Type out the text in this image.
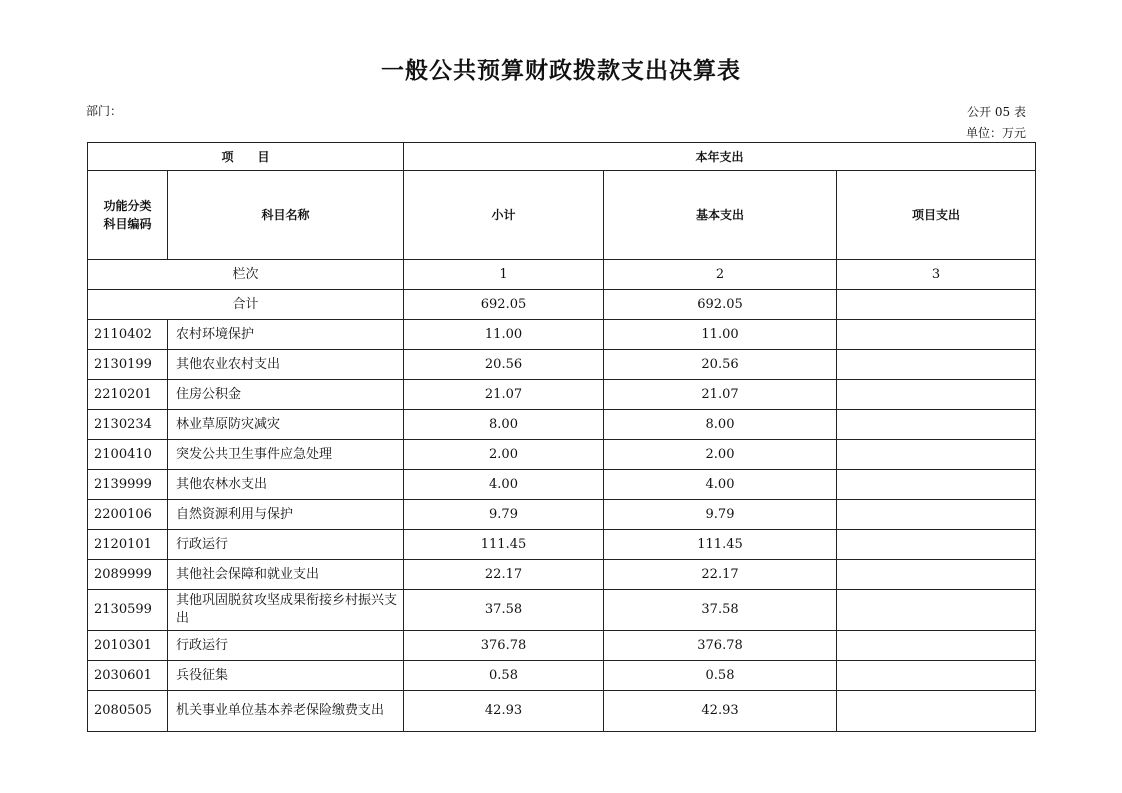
一般公共预算财政拨款支出决算表
部门：	公开 05 表
单位：万元
项　　目		本年支出		

功能分类
科目编码	科目名称	小计	基本支出	项目支出
栏次		1	2	3
合计		692.05	692.05	
2110402	农村环境保护	11.00	11.00	
2130199	其他农业农村支出	20.56	20.56	
2210201	住房公积金	21.07	21.07	
2130234	林业草原防灾减灾	8.00	8.00	
2100410	突发公共卫生事件应急处理	2.00	2.00	
2139999	其他农林水支出	4.00	4.00	
2200106	自然资源利用与保护	9.79	9.79	
2120101	行政运行	111.45	111.45	
2089999	其他社会保障和就业支出	22.17	22.17	
2130599	其他巩固脱贫攻坚成果衔接乡村振兴支出	37.58	37.58	
2010301	行政运行	376.78	376.78	
2030601	兵役征集	0.58	0.58	
2080505	机关事业单位基本养老保险缴费支出	42.93	42.93	
